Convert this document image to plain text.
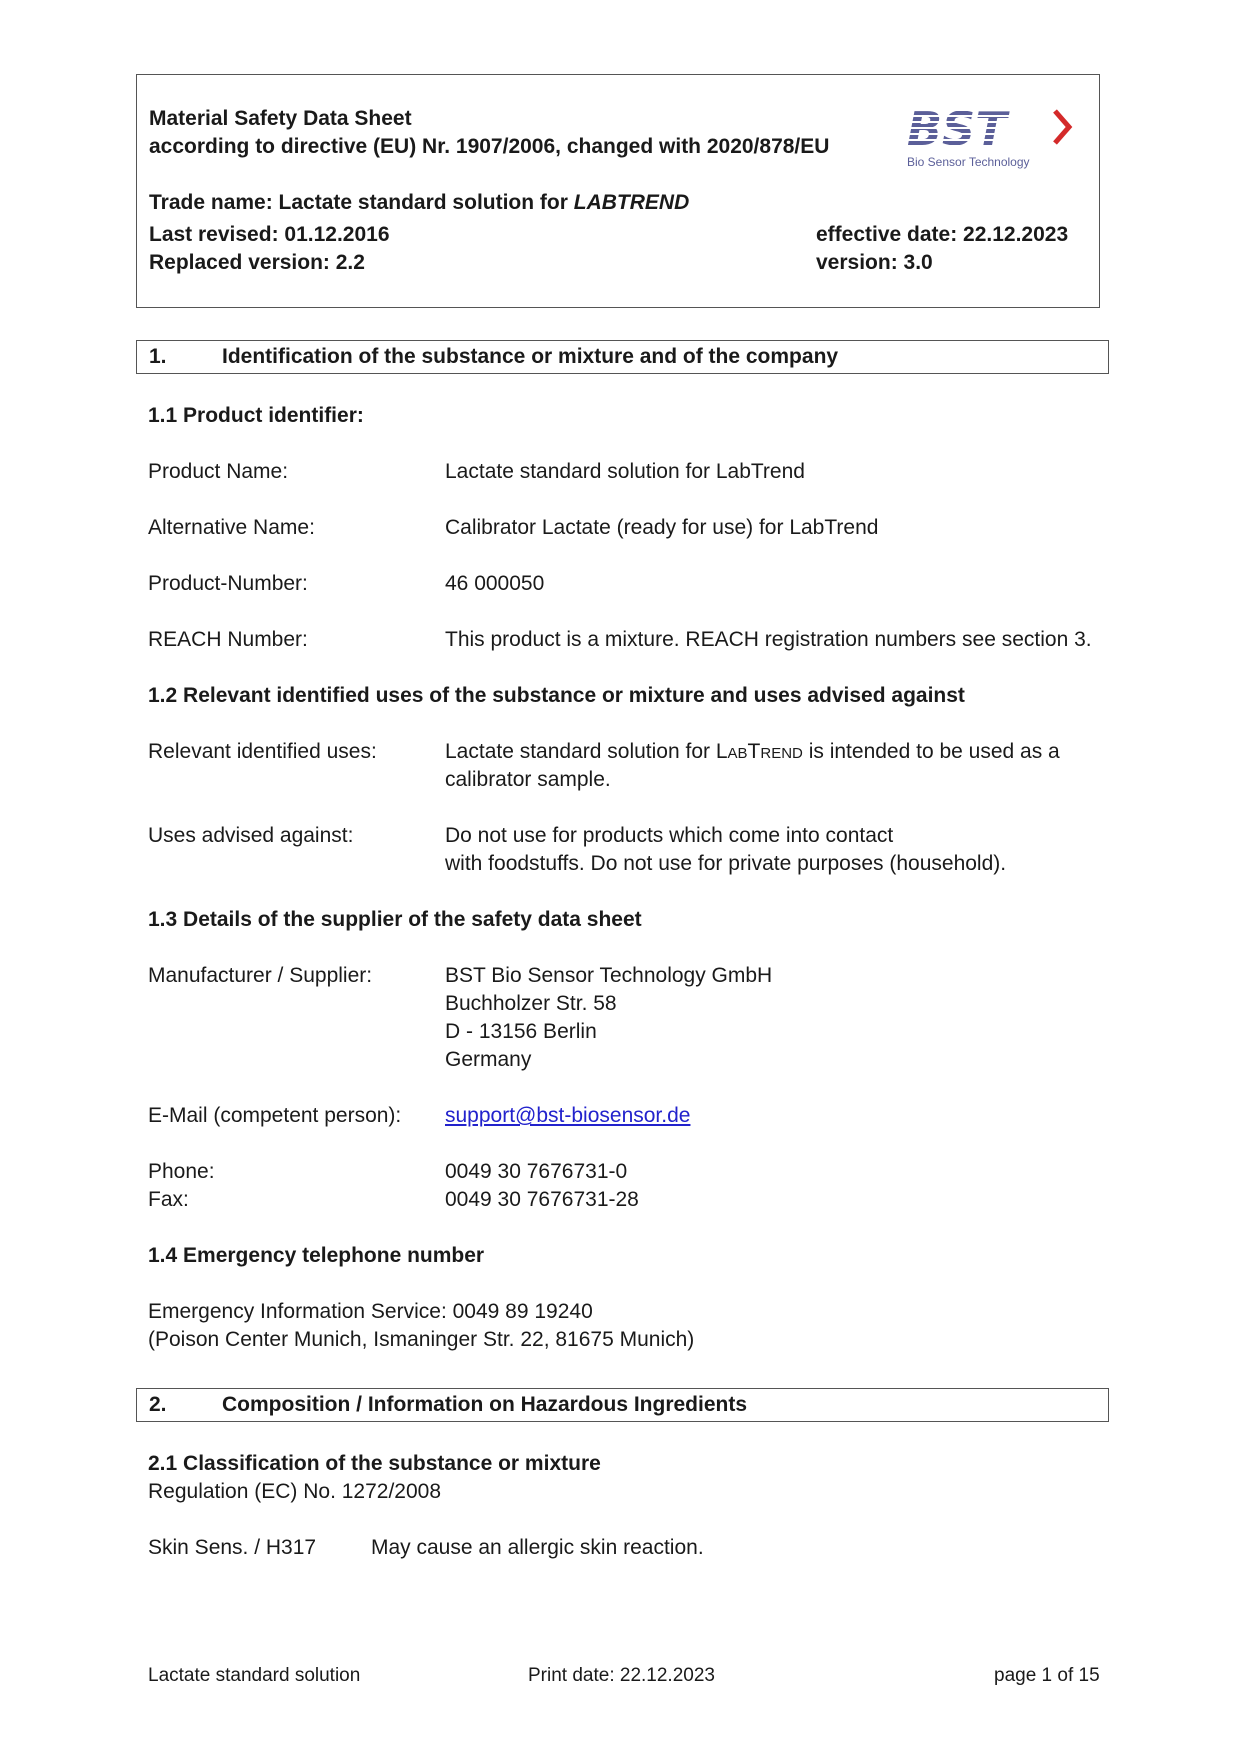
Material Safety Data Sheet
according to directive (EU) Nr. 1907/2006, changed with 2020/878/EU
Trade name: Lactate standard solution for LABTREND
Last revised: 01.12.2016
Replaced version: 2.2
effective date: 22.12.2023
version: 3.0
BST
Bio Sensor Technology
1.	Identification of the substance or mixture and of the company
1.1 Product identifier:
Product Name:	Lactate standard solution for LabTrend
Alternative Name:	Calibrator Lactate (ready for use) for LabTrend
Product-Number:	46 000050
REACH Number:	This product is a mixture. REACH registration numbers see section 3.
1.2 Relevant identified uses of the substance or mixture and uses advised against
Relevant identified uses:	Lactate standard solution for LabTrend is intended to be used as a
calibrator sample.
Uses advised against:	Do not use for products which come into contact
with foodstuffs. Do not use for private purposes (household).
1.3 Details of the supplier of the safety data sheet
Manufacturer / Supplier:	BST Bio Sensor Technology GmbH
Buchholzer Str. 58
D - 13156 Berlin
Germany
E-Mail (competent person): support@bst-biosensor.de
Phone:	0049 30 7676731-0
Fax:	0049 30 7676731-28
1.4 Emergency telephone number
Emergency Information Service: 0049 89 19240
(Poison Center Munich, Ismaninger Str. 22, 81675 Munich)
2.	Composition / Information on Hazardous Ingredients
2.1 Classification of the substance or mixture
Regulation (EC) No. 1272/2008
Skin Sens. / H317	May cause an allergic skin reaction.
Lactate standard solution	Print date: 22.12.2023	page 1 of 15
